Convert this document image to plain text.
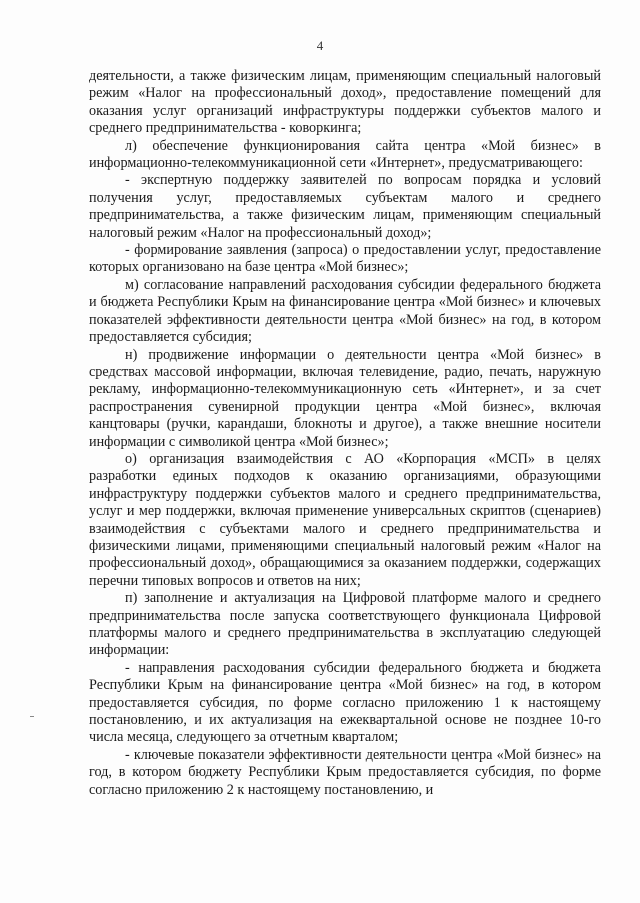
4

деятельности, а также физическим лицам, применяющим специальный налоговый режим «Налог на профессиональный доход», предоставление помещений для оказания услуг организаций инфраструктуры поддержки субъектов малого и среднего предпринимательства - коворкинга;

л) обеспечение функционирования сайта центра «Мой бизнес» в информационно-телекоммуникационной сети «Интернет», предусматривающего:

- экспертную поддержку заявителей по вопросам порядка и условий получения услуг, предоставляемых субъектам малого и среднего предпринимательства, а также физическим лицам, применяющим специальный налоговый режим «Налог на профессиональный доход»;

- формирование заявления (запроса) о предоставлении услуг, предоставление которых организовано на базе центра «Мой бизнес»;

м) согласование направлений расходования субсидии федерального бюджета и бюджета Республики Крым на финансирование центра «Мой бизнес» и ключевых показателей эффективности деятельности центра «Мой бизнес» на год, в котором предоставляется субсидия;

н) продвижение информации о деятельности центра «Мой бизнес» в средствах массовой информации, включая телевидение, радио, печать, наружную рекламу, информационно-телекоммуникационную сеть «Интернет», и за счет распространения сувенирной продукции центра «Мой бизнес», включая канцтовары (ручки, карандаши, блокноты и другое), а также внешние носители информации с символикой центра «Мой бизнес»;

о) организация взаимодействия с АО «Корпорация «МСП» в целях разработки единых подходов к оказанию организациями, образующими инфраструктуру поддержки субъектов малого и среднего предпринимательства, услуг и мер поддержки, включая применение универсальных скриптов (сценариев) взаимодействия с субъектами малого и среднего предпринимательства и физическими лицами, применяющими специальный налоговый режим «Налог на профессиональный доход», обращающимися за оказанием поддержки, содержащих перечни типовых вопросов и ответов на них;

п) заполнение и актуализация на Цифровой платформе малого и среднего предпринимательства после запуска соответствующего функционала Цифровой платформы малого и среднего предпринимательства в эксплуатацию следующей информации:

- направления расходования субсидии федерального бюджета и бюджета Республики Крым на финансирование центра «Мой бизнес» на год, в котором предоставляется субсидия, по форме согласно приложению 1 к настоящему постановлению, и их актуализация на ежеквартальной основе не позднее 10-го числа месяца, следующего за отчетным кварталом;

- ключевые показатели эффективности деятельности центра «Мой бизнес» на год, в котором бюджету Республики Крым предоставляется субсидия, по форме согласно приложению 2 к настоящему постановлению, и
